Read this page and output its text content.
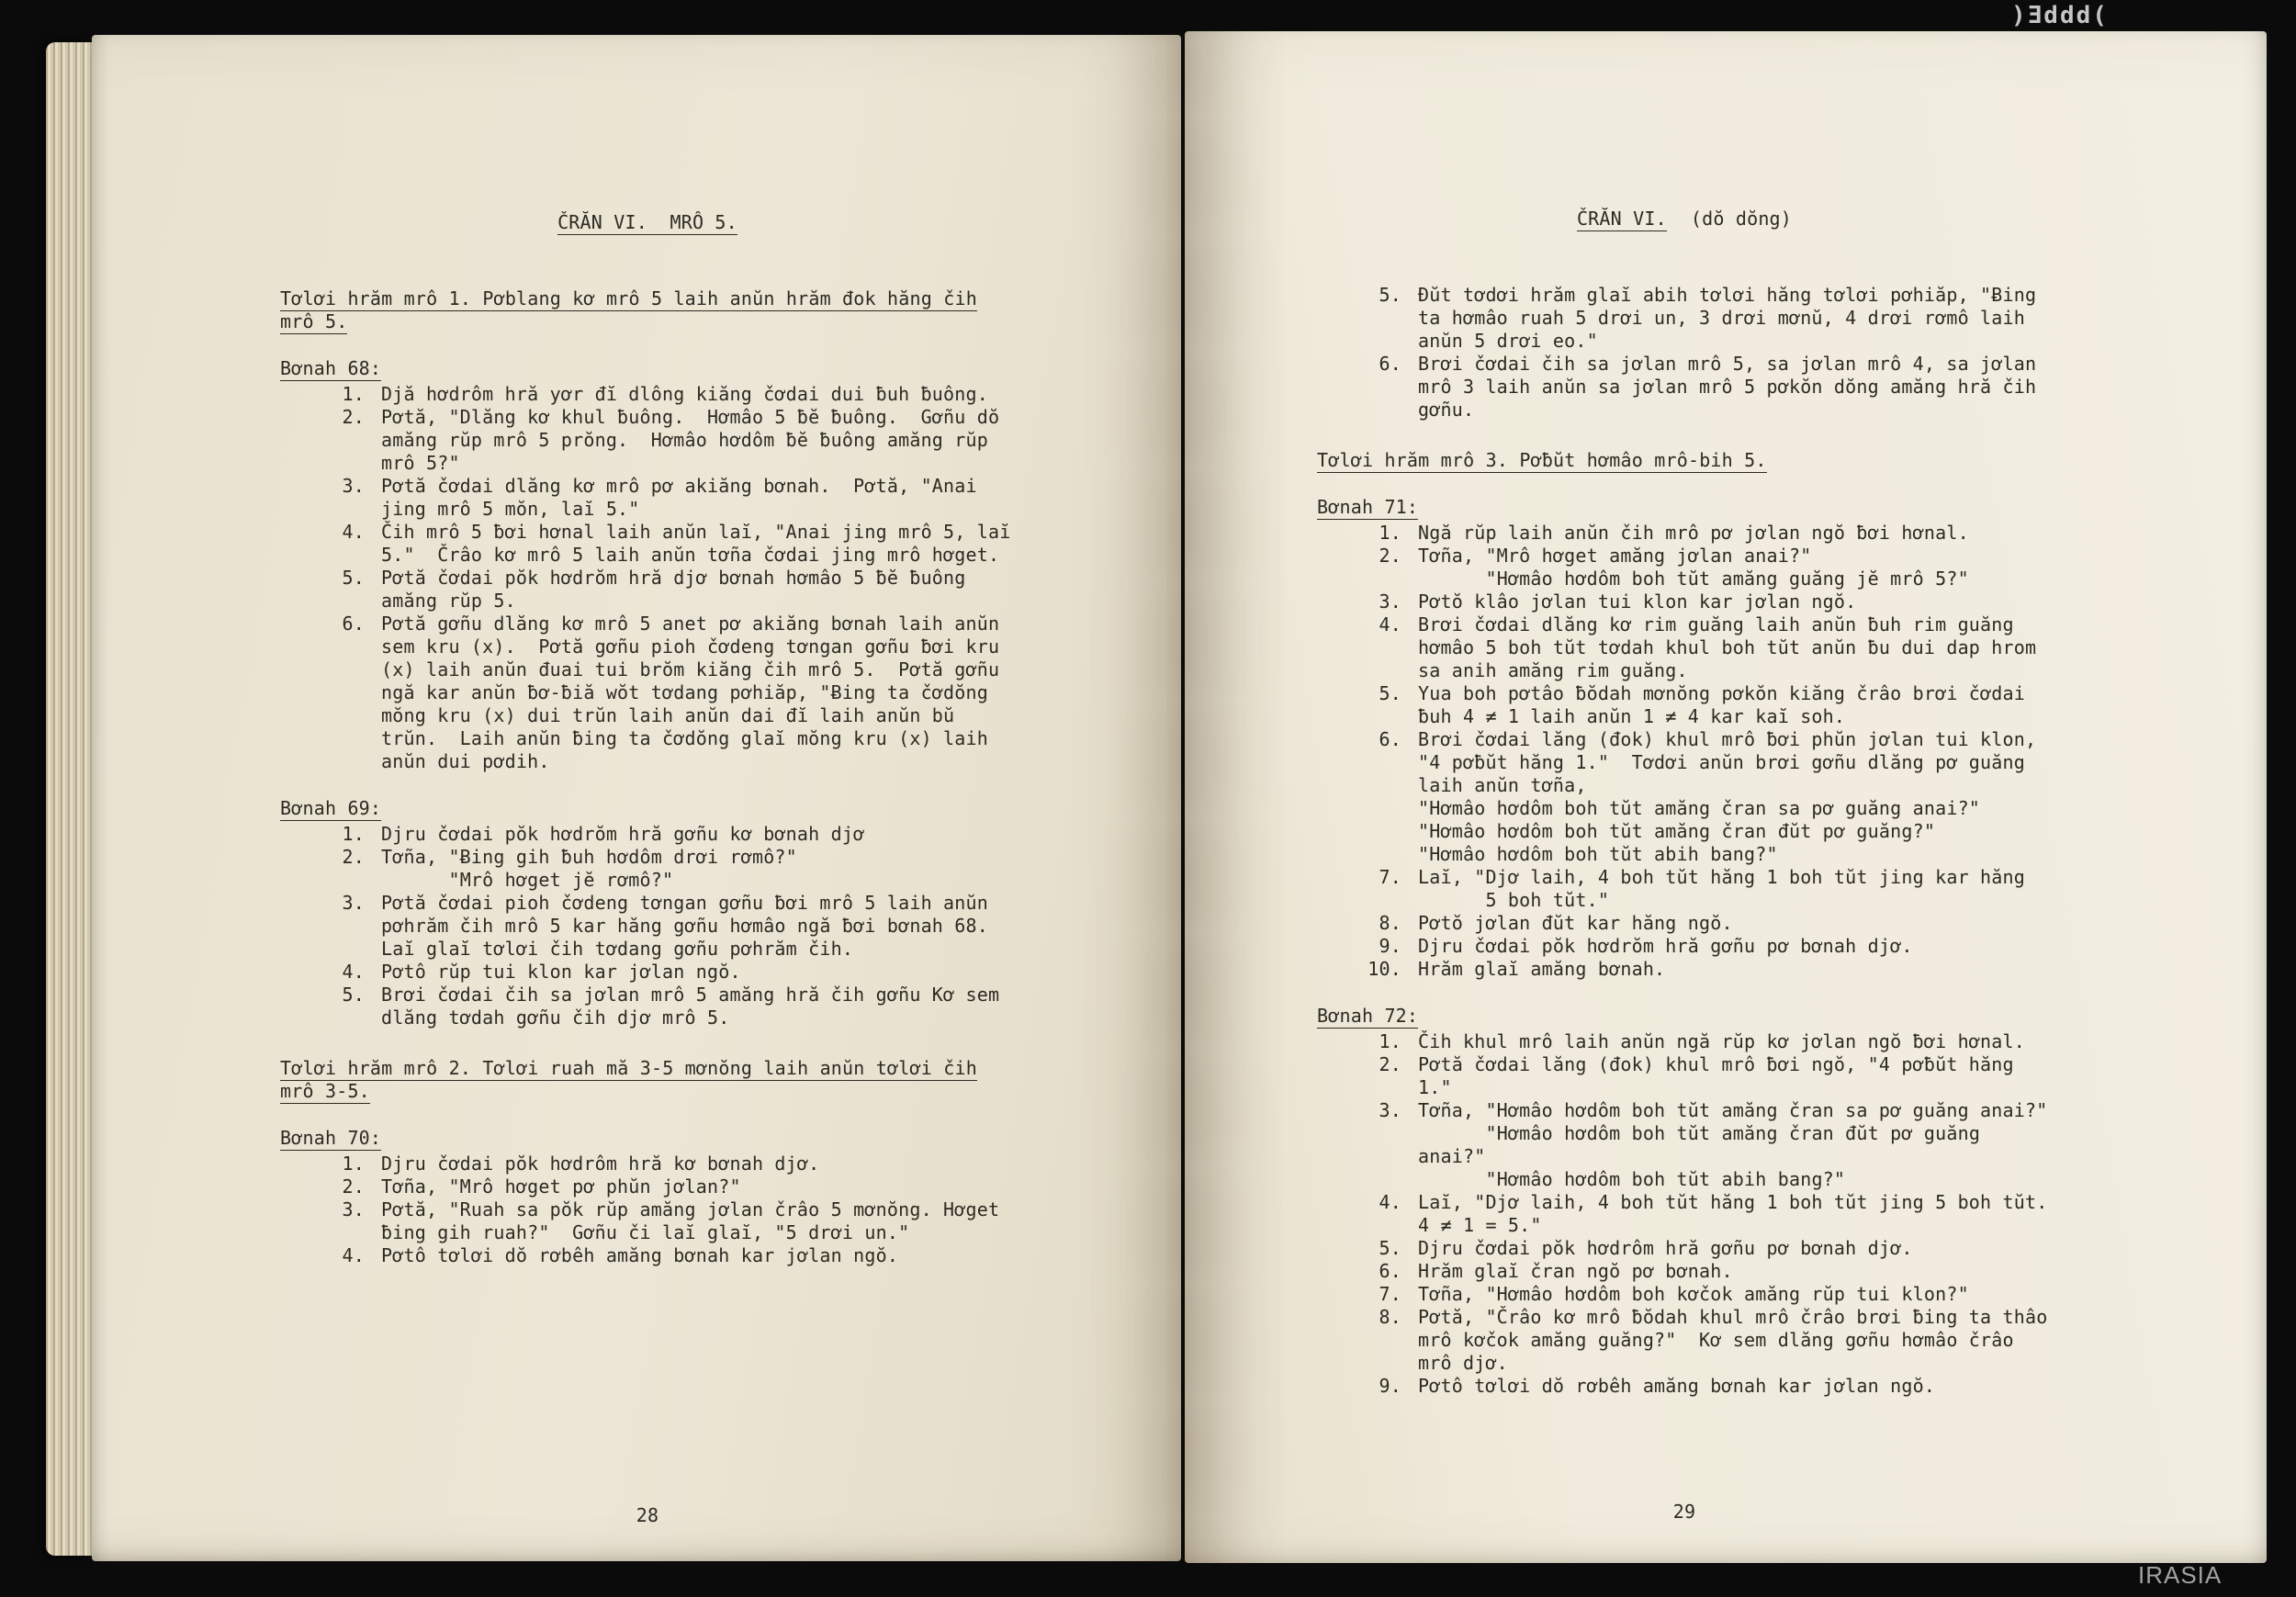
ČRĂN VI.  MRÔ 5.
Tơlơi hrăm mrô 1. Pơblang kơ mrô 5 laih anŭn hrăm đok hăng čih
mrô 5.
Bơnah 68:
1. Djă hơdrôm hră yơr đĭ dlông kiăng čơdai dui ƀuh ƀuông.
2. Pơtă, "Dlăng kơ khul ƀuông.  Hơmâo 5 ƀĕ ƀuông.  Gơñu dŏ amăng rŭp mrô 5 prŏng.  Hơmâo hơdôm ƀĕ ƀuông amăng rŭp mrô 5?"
3. Pơtă čơdai dlăng kơ mrô pơ akiăng bơnah.  Pơtă, "Anai jing mrô 5 mŏn, laĭ 5."
4. Čih mrô 5 ƀơi hơnal laih anŭn laĭ, "Anai jing mrô 5, laĭ 5."  Črâo kơ mrô 5 laih anŭn tơña čơdai jing mrô hơget.
5. Pơtă čơdai pŏk hơdrŏm hră djơ bơnah hơmâo 5 ƀĕ ƀuông amăng rŭp 5.
6. Pơtă gơñu dlăng kơ mrô 5 anet pơ akiăng bơnah laih anŭn sem kru (x).  Pơtă gơñu pioh čơdeng tơngan gơñu ƀơi kru (x) laih anŭn đuai tui brŏm kiăng čih mrô 5.  Pơtă gơñu ngă kar anŭn ƀơ-ƀiă wŏt tơdang pơhiăp, "Ƀing ta čơdŏng mŏng kru (x) dui trŭn laih anŭn dai đĭ laih anŭn bŭ trŭn.  Laih anŭn ƀing ta čơdŏng glaĭ mŏng kru (x) laih anŭn dui pơdih.
Bơnah 69:
1. Djru čơdai pŏk hơdrŏm hră gơñu kơ bơnah djơ
2. Tơña, "Ƀing gih ƀuh hơdôm drơi rơmô?"
"Mrô hơget jĕ rơmô?"
3. Pơtă čơdai pioh čơdeng tơngan gơñu ƀơi mrô 5 laih anŭn pơhrăm čih mrô 5 kar hăng gơñu hơmâo ngă ƀơi bơnah 68.  Laĭ glaĭ tơlơi čih tơdang gơñu pơhrăm čih.
4. Pơtô rŭp tui klon kar jơlan ngŏ.
5. Brơi čơdai čih sa jơlan mrô 5 amăng hră čih gơñu Kơ sem dlăng tơdah gơñu čih djơ mrô 5.
Tơlơi hrăm mrô 2. Tơlơi ruah mă 3-5 mơnŏng laih anŭn tơlơi čih
mrô 3-5.
Bơnah 70:
1. Djru čơdai pŏk hơdrôm hră kơ bơnah djơ.
2. Tơña, "Mrô hơget pơ phŭn jơlan?"
3. Pơtă, "Ruah sa pŏk rŭp amăng jơlan črâo 5 mơnŏng. Hơget ƀing gih ruah?"  Gơñu či laĭ glaĭ, "5 drơi un."
4. Pơtô tơlơi dŏ rơbêh amăng bơnah kar jơlan ngŏ.
28
ČRĂN VI. (dŏ dŏng)
5. Đŭt tơdơi hrăm glaĭ abih tơlơi hăng tơlơi pơhiăp, "Ƀing ta hơmâo ruah 5 drơi un, 3 drơi mơnŭ, 4 drơi rơmô laih anŭn 5 drơi eo."
6. Brơi čơdai čih sa jơlan mrô 5, sa jơlan mrô 4, sa jơlan mrô 3 laih anŭn sa jơlan mrô 5 pơkŏn dŏng amăng hră čih gơñu.
Tơlơi hrăm mrô 3. Pơƀŭt hơmâo mrô-bih 5.
Bơnah 71:
1. Ngă rŭp laih anŭn čih mrô pơ jơlan ngŏ ƀơi hơnal.
2. Tơña, "Mrô hơget amăng jơlan anai?"
"Hơmâo hơdôm boh tŭt amăng guăng jĕ mrô 5?"
3. Pơtŏ klâo jơlan tui klon kar jơlan ngŏ.
4. Brơi čơdai dlăng kơ rim guăng laih anŭn ƀuh rim guăng hơmâo 5 boh tŭt tơdah khul boh tŭt anŭn ƀu dui dap hrom sa anih amăng rim guăng.
5. Yua boh pơtâo ƀŏdah mơnŏng pơkŏn kiăng črâo brơi čơdai ƀuh 4 ≠ 1 laih anŭn 1 ≠ 4 kar kaĭ soh.
6. Brơi čơdai lăng (đok) khul mrô ƀơi phŭn jơlan tui klon, "4 pơƀŭt hăng 1."  Tơdơi anŭn brơi gơñu dlăng pơ guăng laih anŭn tơña,
"Hơmâo hơdôm boh tŭt amăng čran sa pơ guăng anai?"
"Hơmâo hơdôm boh tŭt amăng čran đŭt pơ guăng?"
"Hơmâo hơdôm boh tŭt abih bang?"
7. Laĭ, "Djơ laih, 4 boh tŭt hăng 1 boh tŭt jing kar hăng
5 boh tŭt."
8. Pơtŏ jơlan đŭt kar hăng ngŏ.
9. Djru čơdai pŏk hơdrŏm hră gơñu pơ bơnah djơ.
10. Hrăm glaĭ amăng bơnah.
Bơnah 72:
1. Čih khul mrô laih anŭn ngă rŭp kơ jơlan ngŏ ƀơi hơnal.
2. Pơtă čơdai lăng (đok) khul mrô ƀơi ngŏ, "4 pơƀŭt hăng 1."
3. Tơña, "Hơmâo hơdôm boh tŭt amăng čran sa pơ guăng anai?"
"Hơmâo hơdôm boh tŭt amăng čran đŭt pơ guăng anai?"
"Hơmâo hơdôm boh tŭt abih bang?"
4. Laĭ, "Djơ laih, 4 boh tŭt hăng 1 boh tŭt jing 5 boh tŭt.
4 ≠ 1 = 5."
5. Djru čơdai pŏk hơdrôm hră gơñu pơ bơnah djơ.
6. Hrăm glaĭ čran ngŏ pơ bơnah.
7. Tơña, "Hơmâo hơdôm boh kơčok amăng rŭp tui klon?"
8. Pơtă, "Črâo kơ mrô ƀŏdah khul mrô črâo brơi ƀing ta thâo mrô kơčok amăng guăng?"  Kơ sem dlăng gơñu hơmâo črâo mrô djơ.
9. Pơtô tơlơi dŏ rơbêh amăng bơnah kar jơlan ngŏ.
29
)Ǝddd(
IRASIA
